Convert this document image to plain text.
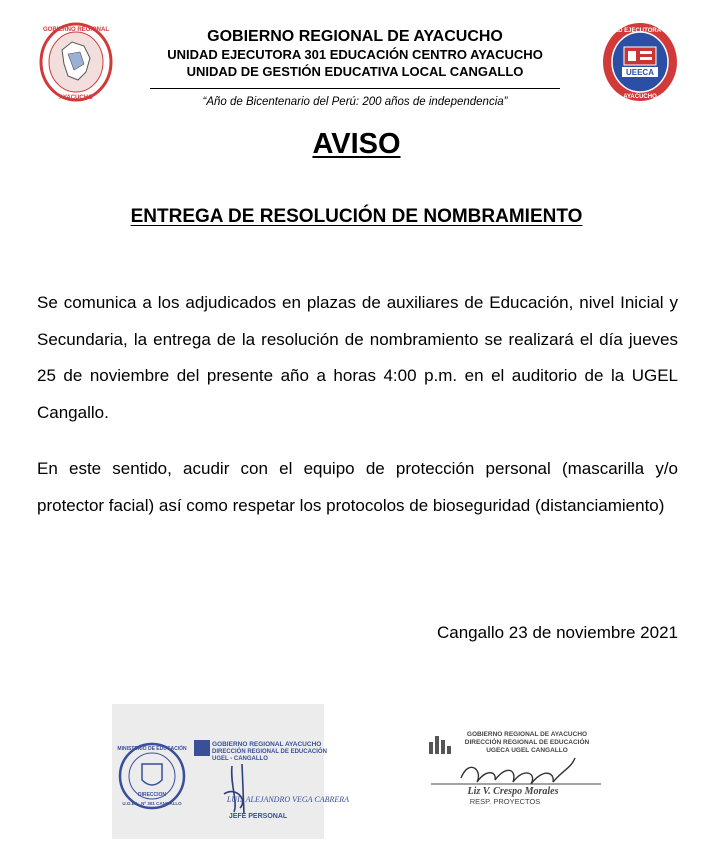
GOBIERNO REGIONAL
AYACUCHO
GOBIERNO REGIONAL DE AYACUCHO
UNIDAD EJECUTORA 301 EDUCACIÓN CENTRO AYACUCHO
UNIDAD DE GESTIÓN EDUCATIVA LOCAL CANGALLO
“Año de Bicentenario del Perú: 200 años de independencia”
UEECA
UNIDAD EJECUTORA N° 301
AYACUCHO
AVISO
ENTREGA DE RESOLUCIÓN DE NOMBRAMIENTO
Se comunica a los adjudicados en plazas de auxiliares de Educación, nivel Inicial y Secundaria, la entrega de la resolución de nombramiento se realizará el día jueves 25 de noviembre del presente año a horas 4:00 p.m. en el auditorio de la UGEL Cangallo.
En este sentido, acudir con el equipo de protección personal (mascarilla y/o protector facial) así como respetar los protocolos de bioseguridad (distanciamiento)
Cangallo 23 de noviembre 2021
MINISTERIO DE EDUCACIÓN
DIRECCION
U.G.E.L. Nº 301 CANGALLO
GOBIERNO REGIONAL AYACUCHO
DIRECCIÓN REGIONAL DE EDUCACIÓN
UGEL - CANGALLO
LUIS ALEJANDRO VEGA CABRERA
JEFE PERSONAL
GOBIERNO REGIONAL DE AYACUCHO
DIRECCIÓN REGIONAL DE EDUCACIÓN
UGECA UGEL CANGALLO
Liz V. Crespo Morales
RESP. PROYECTOS
